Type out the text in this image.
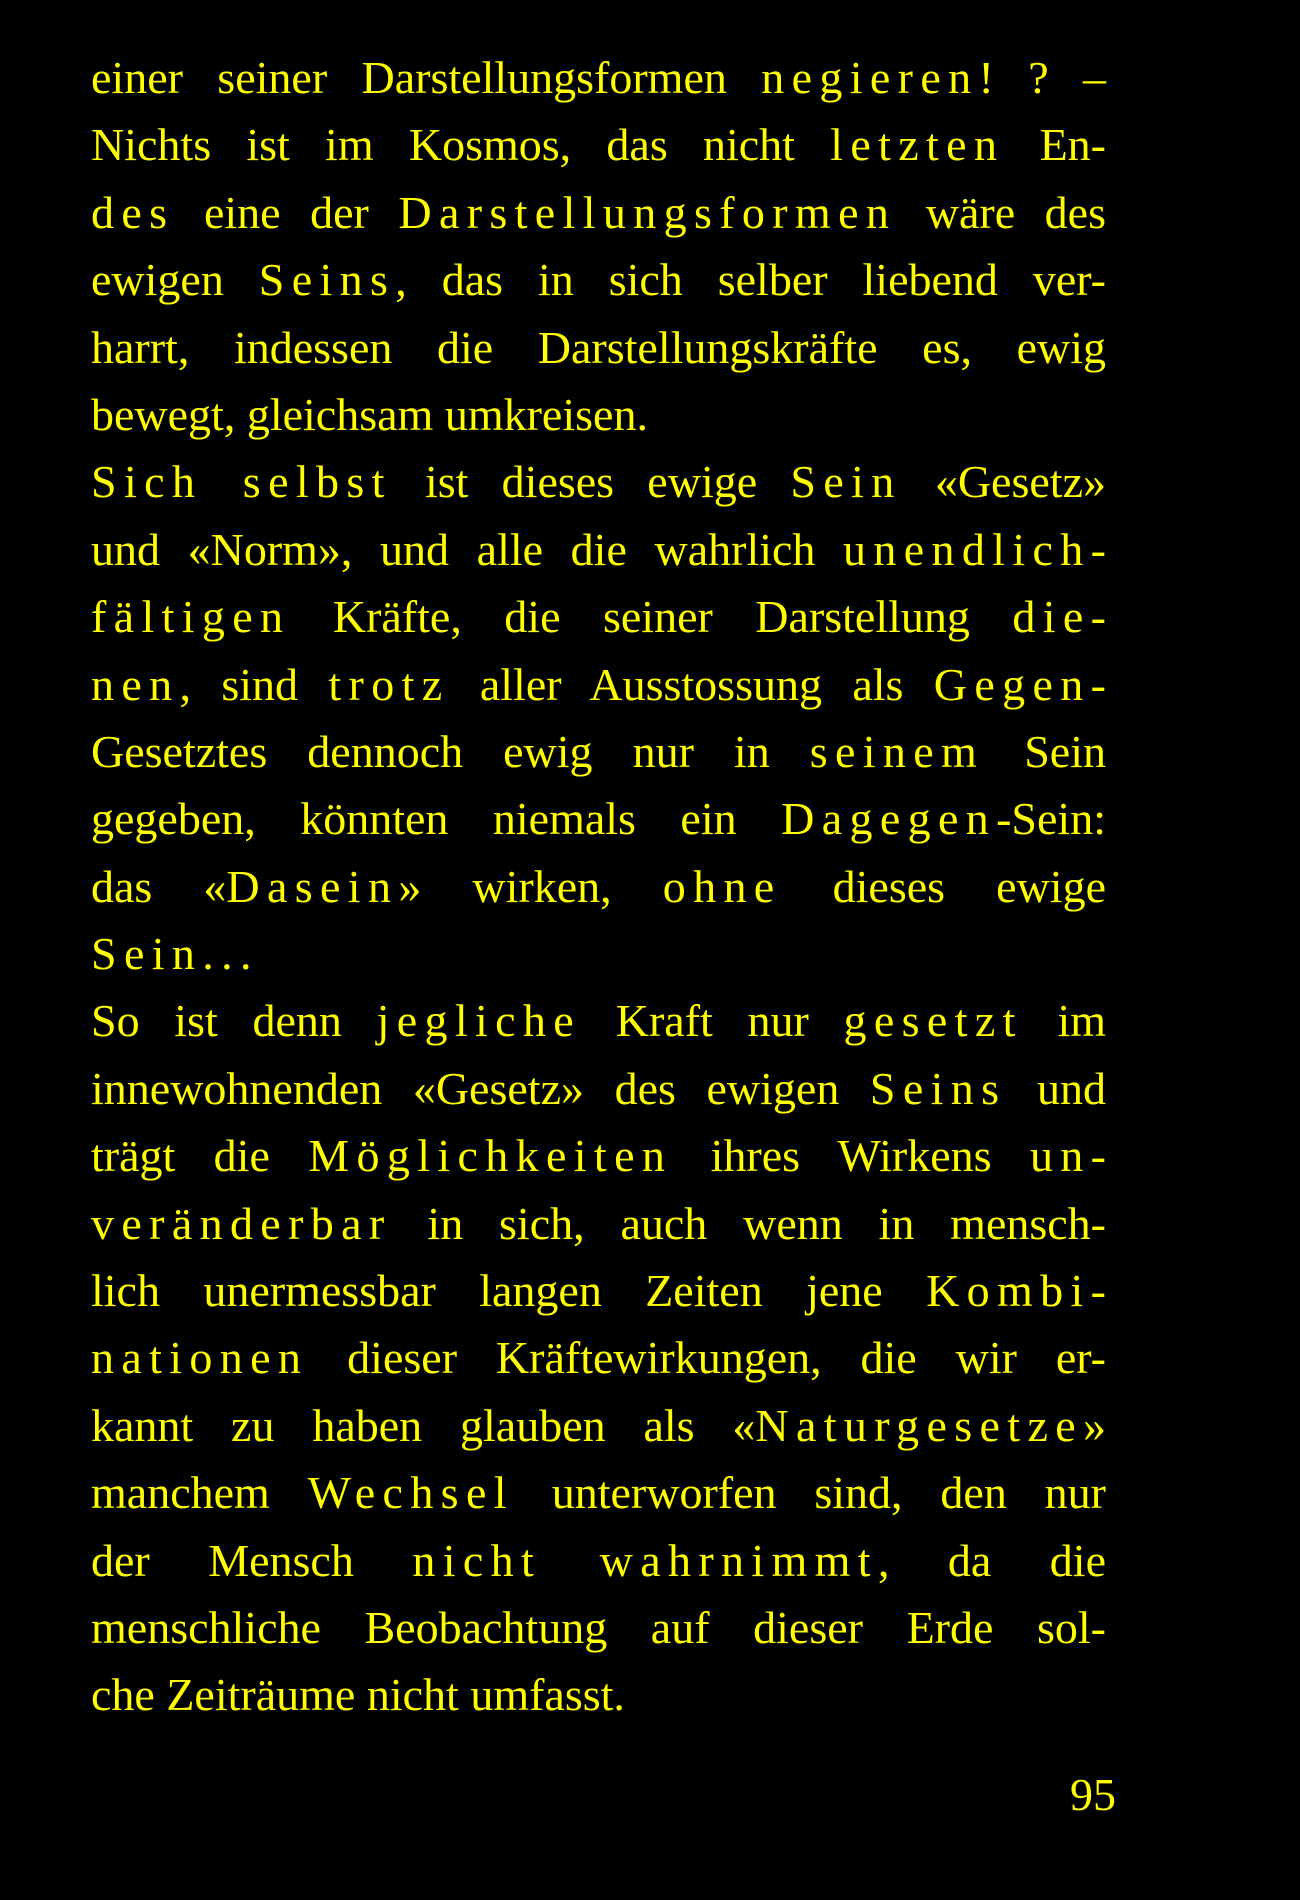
einer seiner Darstellungsformen negieren! ? –
Nichts ist im Kosmos, das nicht letzten En-
des eine der Darstellungsformen wäre des
ewigen Seins, das in sich selber liebend ver-
harrt, indessen die Darstellungskräfte es, ewig
bewegt, gleichsam umkreisen.
Sich selbst ist dieses ewige Sein «Gesetz»
und «Norm», und alle die wahrlich unendlich-
fältigen Kräfte, die seiner Darstellung die-
nen, sind trotz aller Ausstossung als Gegen-
Gesetztes dennoch ewig nur in seinem Sein
gegeben, könnten niemals ein Dagegen-Sein:
das «Dasein» wirken, ohne dieses ewige
Sein...
So ist denn jegliche Kraft nur gesetzt im
innewohnenden «Gesetz» des ewigen Seins und
trägt die Möglichkeiten ihres Wirkens un-
veränderbar in sich, auch wenn in mensch-
lich unermessbar langen Zeiten jene Kombi-
nationen dieser Kräftewirkungen, die wir er-
kannt zu haben glauben als «Naturgesetze»
manchem Wechsel unterworfen sind, den nur
der Mensch nicht wahrnimmt, da die
menschliche Beobachtung auf dieser Erde sol-
che Zeiträume nicht umfasst.
95
